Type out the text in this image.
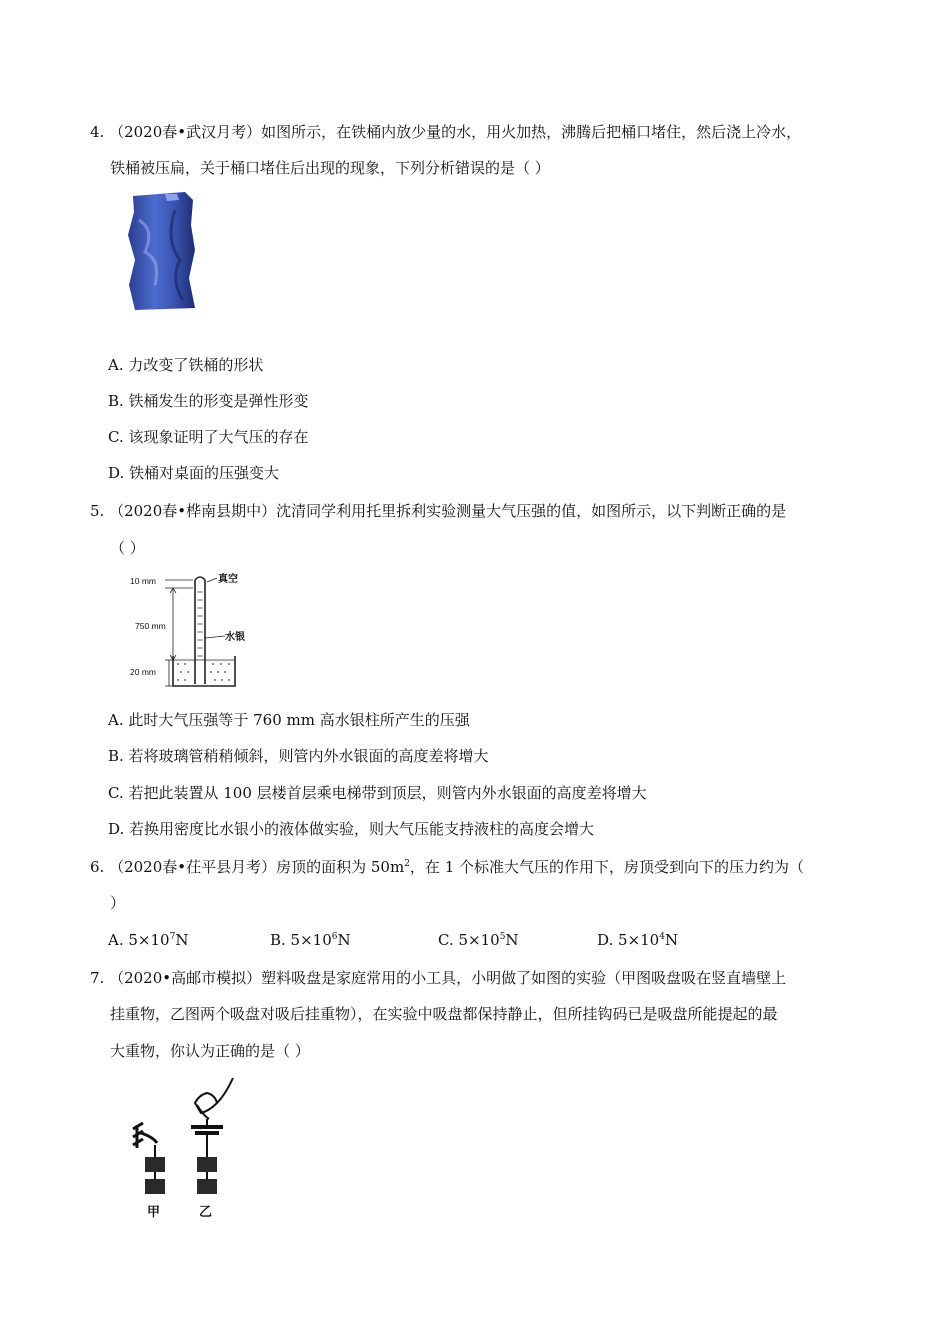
4. （2020春•武汉月考）如图所示，在铁桶内放少量的水，用火加热，沸腾后把桶口堵住，然后浇上冷水，
铁桶被压扁，关于桶口堵住后出现的现象，下列分析错误的是（ ）
A. 力改变了铁桶的形状
B. 铁桶发生的形变是弹性形变
C. 该现象证明了大气压的存在
D. 铁桶对桌面的压强变大
5. （2020春•桦南县期中）沈清同学利用托里拆利实验测量大气压强的值，如图所示，以下判断正确的是
（ ）
10 mm	真空
750 mm
水银
20 mm
A. 此时大气压强等于 760 mm 高水银柱所产生的压强
B. 若将玻璃管稍稍倾斜，则管内外水银面的高度差将增大
C. 若把此装置从 100 层楼首层乘电梯带到顶层，则管内外水银面的高度差将增大
D. 若换用密度比水银小的液体做实验，则大气压能支持液柱的高度会增大
6. （2020春•茌平县月考）房顶的面积为 $50m^2$，在 1 个标准大气压的作用下，房顶受到向下的压力约为（
）
A. $5\times 10^7N$	B. $5\times 10^6N$	C. $5\times 10^5N$	D. $5\times 10^4N$
7. （2020•高邮市模拟）塑料吸盘是家庭常用的小工具，小明做了如图的实验（甲图吸盘吸在竖直墙壁上
挂重物，乙图两个吸盘对吸后挂重物），在实验中吸盘都保持静止，但所挂钩码已是吸盘所能提起的最
大重物，你认为正确的是（ ）
甲	乙
